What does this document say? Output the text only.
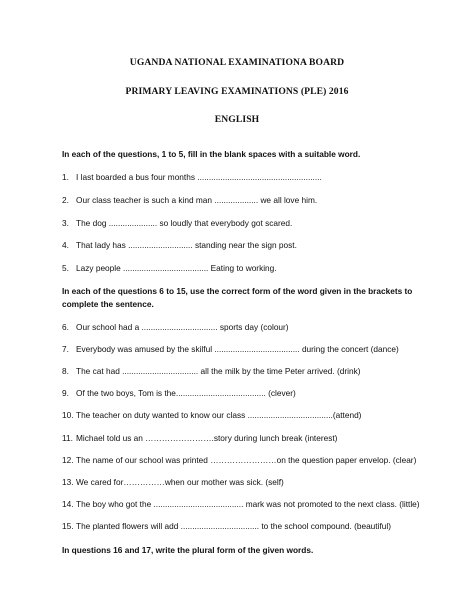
UGANDA NATIONAL EXAMINATIONA BOARD
PRIMARY LEAVING EXAMINATIONS (PLE) 2016
ENGLISH
In each of the questions, 1 to 5, fill in the blank spaces with a suitable word.
1. I last boarded a bus four months ......................................................
2. Our class teacher is such a kind man ................... we all love him.
3. The dog ..................... so loudly that everybody got scared.
4. That lady has ............................ standing near the sign post.
5. Lazy people ..................................... Eating to working.
In each of the questions 6 to 15, use the correct form of the word given in the brackets to complete the sentence.
6. Our school had a ................................. sports day (colour)
7. Everybody was amused by the skilful ..................................... during the concert (dance)
8. The cat had ................................. all the milk by the time Peter arrived. (drink)
9. Of the two boys, Tom is the....................................... (clever)
10. The teacher on duty wanted to know our class .....................................(attend)
11. Michael told us an …………………….story during lunch break (interest)
12. The name of our school was printed ……………………on the question paper envelop. (clear)
13. We cared for……………when our mother was sick. (self)
14. The boy who got the ....................................... mark was not promoted to the next class. (little)
15. The planted flowers will add .................................. to the school compound. (beautiful)
In questions 16 and 17, write the plural form of the given words.
